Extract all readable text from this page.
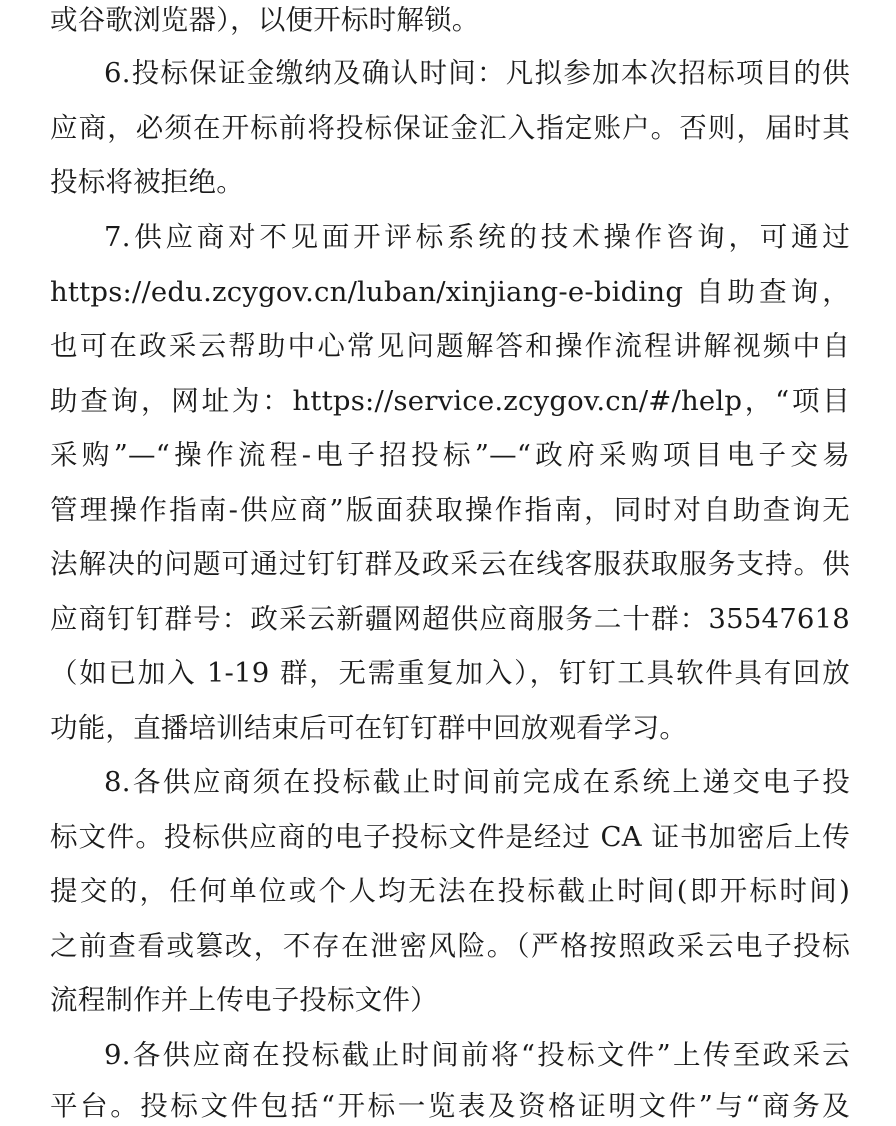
或谷歌浏览器），以便开标时解锁。
6.投标保证金缴纳及确认时间：凡拟参加本次招标项目的供
应商，必须在开标前将投标保证金汇入指定账户。否则，届时其
投标将被拒绝。
7.供应商对不见面开评标系统的技术操作咨询，可通过
https://edu.zcygov.cn/luban/xinjiang-e-biding 自助查询，
也可在政采云帮助中心常见问题解答和操作流程讲解视频中自
助查询，网址为：https://service.zcygov.cn/#/help，“项目
采购”—“操作流程-电子招投标”—“政府采购项目电子交易
管理操作指南-供应商”版面获取操作指南，同时对自助查询无
法解决的问题可通过钉钉群及政采云在线客服获取服务支持。供
应商钉钉群号：政采云新疆网超供应商服务二十群：35547618
（如已加入 1-19 群，无需重复加入），钉钉工具软件具有回放
功能，直播培训结束后可在钉钉群中回放观看学习。
8.各供应商须在投标截止时间前完成在系统上递交电子投
标文件。投标供应商的电子投标文件是经过 CA 证书加密后上传
提交的，任何单位或个人均无法在投标截止时间(即开标时间)
之前查看或篡改，不存在泄密风险。（严格按照政采云电子投标
流程制作并上传电子投标文件）
9.各供应商在投标截止时间前将“投标文件”上传至政采云
平台。投标文件包括“开标一览表及资格证明文件”与“商务及
